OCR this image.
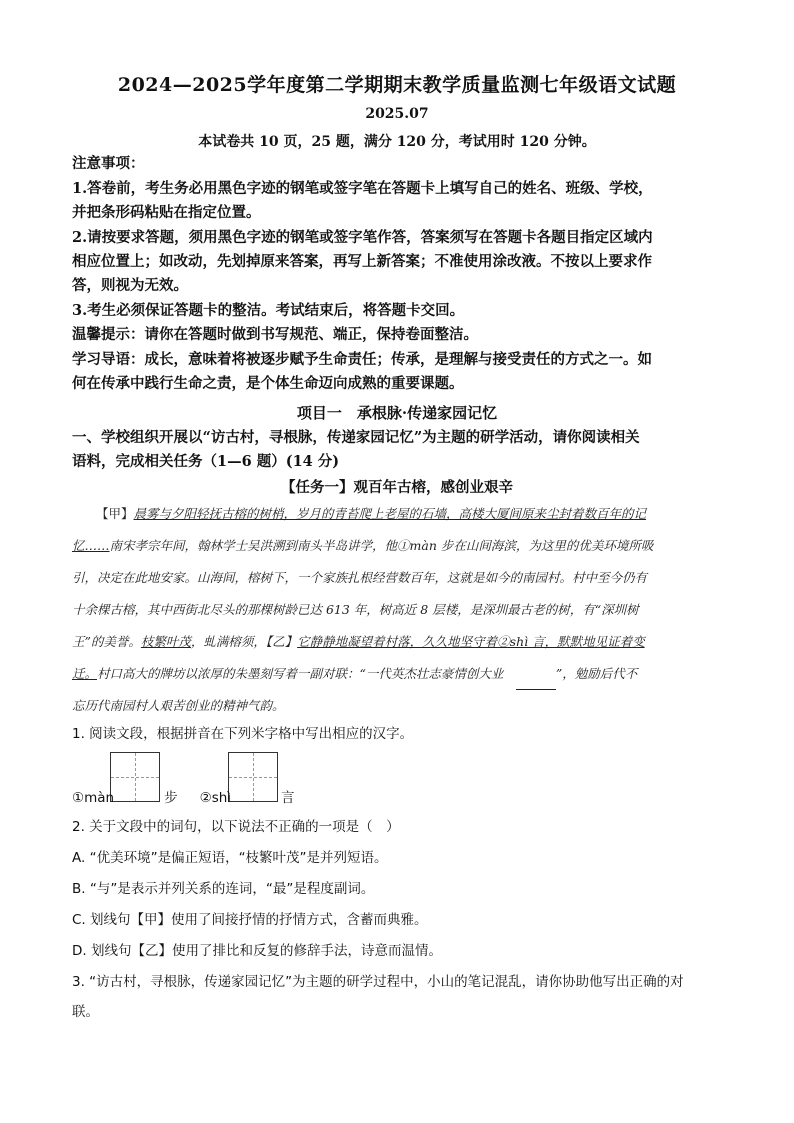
2024—2025学年度第二学期期末教学质量监测七年级语文试题
2025.07
本试卷共 10 页，25 题，满分 120 分，考试用时 120 分钟。
注意事项：
1.答卷前，考生务必用黑色字迹的钢笔或签字笔在答题卡上填写自己的姓名、班级、学校，
并把条形码粘贴在指定位置。
2.请按要求答题，须用黑色字迹的钢笔或签字笔作答，答案须写在答题卡各题目指定区域内
相应位置上；如改动，先划掉原来答案，再写上新答案；不准使用涂改液。不按以上要求作
答，则视为无效。
3.考生必须保证答题卡的整洁。考试结束后，将答题卡交回。
温馨提示：请你在答题时做到书写规范、端正，保持卷面整洁。
学习导语：成长，意味着将被逐步赋予生命责任；传承，是理解与接受责任的方式之一。如
何在传承中践行生命之责，是个体生命迈向成熟的重要课题。
项目一　承根脉·传递家园记忆
一、学校组织开展以“访古村，寻根脉，传递家园记忆”为主题的研学活动，请你阅读相关
语料，完成相关任务（1—6 题）(14 分)
【任务一】观百年古榕，感创业艰辛
【甲】晨雾与夕阳轻抚古榕的树梢，岁月的青苔爬上老屋的石墙，高楼大厦间原来尘封着数百年的记
忆……南宋孝宗年间，翰林学士吴洪溯到南头半岛讲学，他①màn 步在山间海滨，为这里的优美环境所吸
引，决定在此地安家。山海间，榕树下，一个家族扎根经营数百年，这就是如今的南园村。村中至今仍有
十余棵古榕，其中西街北尽头的那棵树龄已达 613 年，树高近 8 层楼，是深圳最古老的树，有“深圳树
王”的美誉。枝繁叶茂，虬满榕须，【乙】它静静地凝望着村落，久久地坚守着②shì 言，默默地见证着变
迁。村口高大的牌坊以浓厚的朱墨刻写着一副对联：“一代英杰壮志豪情创大业　	”，勉励后代不
忘历代南园村人艰苦创业的精神气韵。
1. 阅读文段，根据拼音在下列米字格中写出相应的汉字。
①màn	步 ②shì	言
2. 关于文段中的词句，以下说法不正确的一项是（　）
A. “优美环境”是偏正短语，“枝繁叶茂”是并列短语。
B. “与”是表示并列关系的连词，“最”是程度副词。
C. 划线句【甲】使用了间接抒情的抒情方式，含蓄而典雅。
D. 划线句【乙】使用了排比和反复的修辞手法，诗意而温情。
3. “访古村，寻根脉，传递家园记忆”为主题的研学过程中，小山的笔记混乱，请你协助他写出正确的对
联。
